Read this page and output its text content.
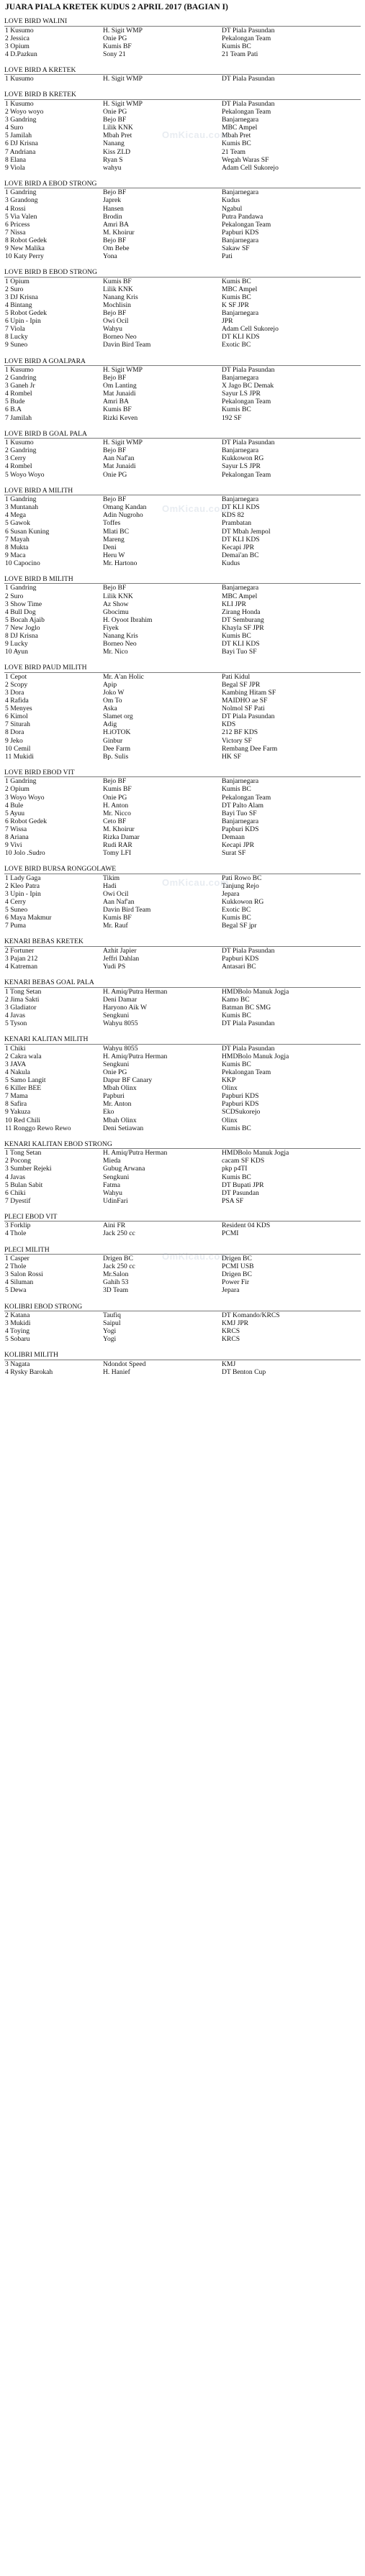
JUARA PIALA KRETEK KUDUS 2 APRIL 2017 (BAGIAN I)
LOVE BIRD WALINI
1 Kusumo	H. Sigit WMP	DT Piala Pasundan
2 Jessica	Onie PG	Pekalongan Team
3 Opium	Kumis BF	Kumis BC
4 D.Pazkun	Sony 21	21 Team Pati
LOVE BIRD A KRETEK
1 Kusumo	H. Sigit WMP	DT Piala Pasundan
LOVE BIRD B KRETEK
1 Kusumo	H. Sigit WMP	DT Piala Pasundan
2 Woyo woyo	Onie PG	Pekalongan Team
3 Gandring	Bejo BF	Banjarnegara
4 Suro	Lilik KNK	MBC Ampel
5 Jamilah	Mbah Pret	Mbah Pret
6 DJ Krisna	Nanang	Kumis BC
7 Andriana	Kiss ZLD	21 Team
8 Elana	Ryan S	Wegah Waras SF
9 Viola	wahyu	Adam Cell Sukorejo
LOVE BIRD A EBOD STRONG
1 Gandring	Bejo BF	Banjarnegara
3 Grandong	Japrek	Kudus
4 Rossi	Hansen	Ngabul
5 Via Valen	Brodin	Putra Pandawa
6 Pricess	Amri BA	Pekalongan Team
7 Nissa	M. Khoirur	Papburi KDS
8 Robot Gedek	Bejo BF	Banjarnegara
9 New Malika	Om Bebe	Sakaw SF
10 Katy Perry	Yona	Pati
LOVE BIRD B EBOD STRONG
1 Opium	Kumis BF	Kumis BC
2 Suro	Lilik KNK	MBC Ampel
3 DJ Krisna	Nanang Kris	Kumis BC
4 Bintang	Mochlisin	K SF JPR
5 Robot Gedek	Bejo BF	Banjarnegara
6 Upin - Ipin	Owi Ocil	JPR
7 Viola	Wahyu	Adam Cell Sukorejo
8 Lucky	Borneo Neo	DT KLI KDS
9 Suneo	Davin Bird Team	Exotic BC
LOVE BIRD A GOALPARA
1 Kusumo	H. Sigit WMP	DT Piala Pasundan
2 Gandring	Bejo BF	Banjarnegara
3 Ganeh Jr	Om Lanting	X Jago BC Demak
4 Rombel	Mat Junaidi	Sayur LS JPR
5 Bude	Amri BA	Pekalongan Team
6 B.A	Kumis BF	Kumis BC
7 Jamilah	Rizki Keven	192 SF
LOVE BIRD B GOAL PALA
1 Kusumo	H. Sigit WMP	DT Piala Pasundan
2 Gandring	Bejo BF	Banjarnegara
3 Cerry	Aan Naf'an	Kukkowon RG
4 Rombel	Mat Junaidi	Sayur LS JPR
5 Woyo Woyo	Onie PG	Pekalongan Team
LOVE BIRD A MILITH
1 Gandring	Bejo BF	Banjarnegara
3 Muntanah	Omang Kandan	DT KLI KDS
4 Mega	Adin Nugroho	KDS 82
5 Gawok	Toffes	Prambatan
6 Susan Kuning	Mlati BC	DT Mbah Jempol
7 Mayah	Mareng	DT KLI KDS
8 Mukta	Deni	Kecapi JPR
9 Maca	Heru W	Demai'an BC
10 Capocino	Mr. Hartono	Kudus
LOVE BIRD B MILITH
1 Gandring	Bejo BF	Banjarnegara
2 Suro	Lilik KNK	MBC Ampel
3 Show Time	Az Show	KLI JPR
4 Bull Dog	Gbocimu	Zirang Honda
5 Bocah Ajaib	H. Oyoot Ibrahim	DT Semburang
7 New Joglo	Fiyek	Khayla SF JPR
8 DJ Krisna	Nanang Kris	Kumis BC
9 Lucky	Borneo Neo	DT KLI KDS
10 Ayun	Mr. Nico	Bayi Tuo SF
LOVE BIRD PAUD MILITH
1 Cepot	Mr. A'an Holic	Pati Kidul
2 Scopy	Apip	Begal SF JPR
3 Dora	Joko W	Kambing Hitam SF
4 Rafida	Om To	MAIDHO ae SF
5 Menyes	Aska	Nolmol SF Pati
6 Kimol	Slamet org	DT Piala Pasundan
7 Siturah	Adig	KDS
8 Dora	H.iOTOK	212 BF KDS
9 Jeko	Ginbur	Victory SF
10 Cemil	Dee Farm	Rembang Dee Farm
11 Mukidi	Bp. Sulis	HK SF
LOVE BIRD EBOD VIT
1 Gandring	Bejo BF	Banjarnegara
2 Opium	Kumis BF	Kumis BC
3 Woyo Woyo	Onie PG	Pekalongan Team
4 Bule	H. Anton	DT Palto Alam
5 Ayuu	Mr. Nicco	Bayi Tuo SF
6 Robot Gedek	Ceto BF	Banjarnegara
7 Wissa	M. Khoirur	Papburi KDS
8 Ariana	Rizka Damar	Demaan
9 Vivi	Rudi RAR	Kecapi JPR
10 Jolo .Sudro	Tomy LFI	Surat SF
LOVE BIRD BURSA RONGGOLAWE
1 Lady Gaga	Tikim	Pati Rowo BC
2 Kleo Patra	Hadi	Tanjung Rejo
3 Upin - Ipin	Owi Ocil	Jepara
4 Cerry	Aan Naf'an	Kukkowon RG
5 Suneo	Davin Bird Team	Exotic BC
6 Maya Makmur	Kumis BF	Kumis BC
7 Puma	Mr. Rauf	Begal SF jpr
KENARI BEBAS KRETEK
2 Fortuner	Azhit Japier	DT Piala Pasundan
3 Pajan 212	Jeffri Dahlan	Papburi KDS
4 Katreman	Yudi PS	Antasari BC
KENARI BEBAS GOAL PALA
1 Tong Setan	H. Amiq/Putra Herman	HMDBolo Manuk Jogja
2 Jima Sakti	Deni Damar	Kamo BC
3 Gladiator	Haryono Aik W	Batman BC SMG
4 Javas	Sengkuni	Kumis BC
5 Tyson	Wahyu 8055	DT Piala Pasundan
KENARI KALITAN MILITH
1 Chiki	Wahyu 8055	DT Piala Pasundan
2 Cakra wala	H. Amiq/Putra Herman	HMDBolo Manuk Jogja
3 JAVA	Sengkuni	Kumis BC
4 Nakula	Onie PG	Pekalongan Team
5 Samo Langit	Dapur BF Canary	KKP
6 Killer BEE	Mbah Olinx	Olinx
7 Mama	Papburi	Papburi KDS
8 Safira	Mr. Anton	Papburi KDS
9 Yakuza	Eko	SCDSukorejo
10 Red Chili	Mbah Olinx	Olinx
11 Ronggo Rewo Rewo	Deni Setiawan	Kumis BC
KENARI KALITAN EBOD STRONG
1 Tong Setan	H. Amiq/Putra Herman	HMDBolo Manuk Jogja
2 Pocong	Mieda	cacam SF KDS
3 Sumber Rejeki	Gubug Arwana	pkp p4TI
4 Javas	Sengkuni	Kumis BC
5 Bulan Sabit	Fatma	DT Bupati JPR
6 Chiki	Wahyu	DT Pasundan
7 Dyestif	UdinFari	PSA SF
PLECI EBOD VIT
3 Forklip	Aini FR	Resident 04 KDS
4 Thole	Jack 250 cc	PCMI
PLECI MILITH
1 Casper	Drigen BC	Drigen BC
2 Thole	Jack 250 cc	PCMI USB
3 Salon Rossi	Mr.Salon	Drigen BC
4 Siluman	Gahih 53	Power Fir
5 Dewa	3D Team	Jepara
KOLIBRI EBOD STRONG
2 Katana	Taufiq	DT Komando/KRCS
3 Mukidi	Saipul	KMJ JPR
4 Toying	Yogi	KRCS
5 Sobaru	Yogi	KRCS
KOLIBRI MILITH
3 Nagata	Ndondot Speed	KMJ
4 Rysky Barokah	H. Hanief	DT Benton Cup
OmKicau.com
OmKicau.com
OmKicau.com
OmKicau.com
